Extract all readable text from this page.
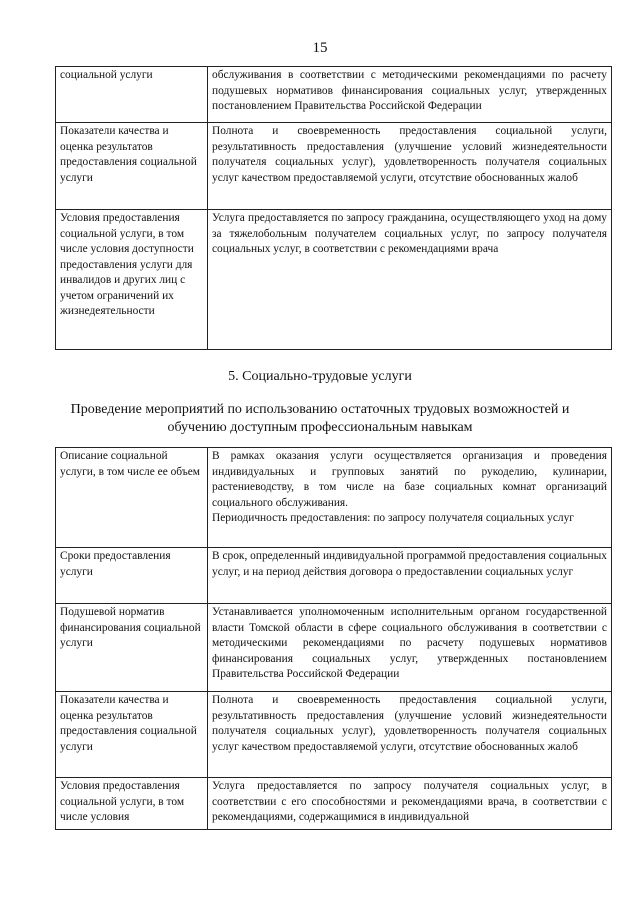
15
социальной услуги	обслуживания в соответствии с методическими рекомендациями по расчету подушевых нормативов финансирования социальных услуг, утвержденных постановлением Правительства Российской Федерации

Показатели качества и оценка результатов предоставления социальной услуги	Полнота и своевременность предоставления социальной услуги, результативность предоставления (улучшение условий жизнедеятельности получателя социальных услуг), удовлетворенность получателя социальных услуг качеством предоставляемой услуги, отсутствие обоснованных жалоб

Условия предоставления социальной услуги, в том числе условия доступности предоставления услуги для инвалидов и других лиц с учетом ограничений их жизнедеятельности	Услуга предоставляется по запросу гражданина, осуществляющего уход на дому за тяжелобольным получателем социальных услуг, по запросу получателя социальных услуг, в соответствии с рекомендациями врача

5. Социально-трудовые услуги
Проведение мероприятий по использованию остаточных трудовых возможностей и обучению доступным профессиональным навыкам
Описание социальной услуги, в том числе ее объем	В рамках оказания услуги осуществляется организация и проведения индивидуальных и групповых занятий по рукоделию, кулинарии, растениеводству, в том числе на базе социальных комнат организаций социального обслуживания.

Периодичность предоставления: по запросу получателя социальных услуг

Сроки предоставления услуги	В срок, определенный индивидуальной программой предоставления социальных услуг, и на период действия договора о предоставлении социальных услуг

Подушевой норматив финансирования социальной услуги	Устанавливается уполномоченным исполнительным органом государственной власти Томской области в сфере социального обслуживания в соответствии с методическими рекомендациями по расчету подушевых нормативов финансирования социальных услуг, утвержденных постановлением Правительства Российской Федерации

Показатели качества и оценка результатов предоставления социальной услуги	Полнота и своевременность предоставления социальной услуги, результативность предоставления (улучшение условий жизнедеятельности получателя социальных услуг), удовлетворенность получателя социальных услуг качеством предоставляемой услуги, отсутствие обоснованных жалоб

Условия предоставления социальной услуги, в том числе условия	Услуга предоставляется по запросу получателя социальных услуг, в соответствии с его способностями и рекомендациями врача, в соответствии с рекомендациями, содержащимися в индивидуальной
